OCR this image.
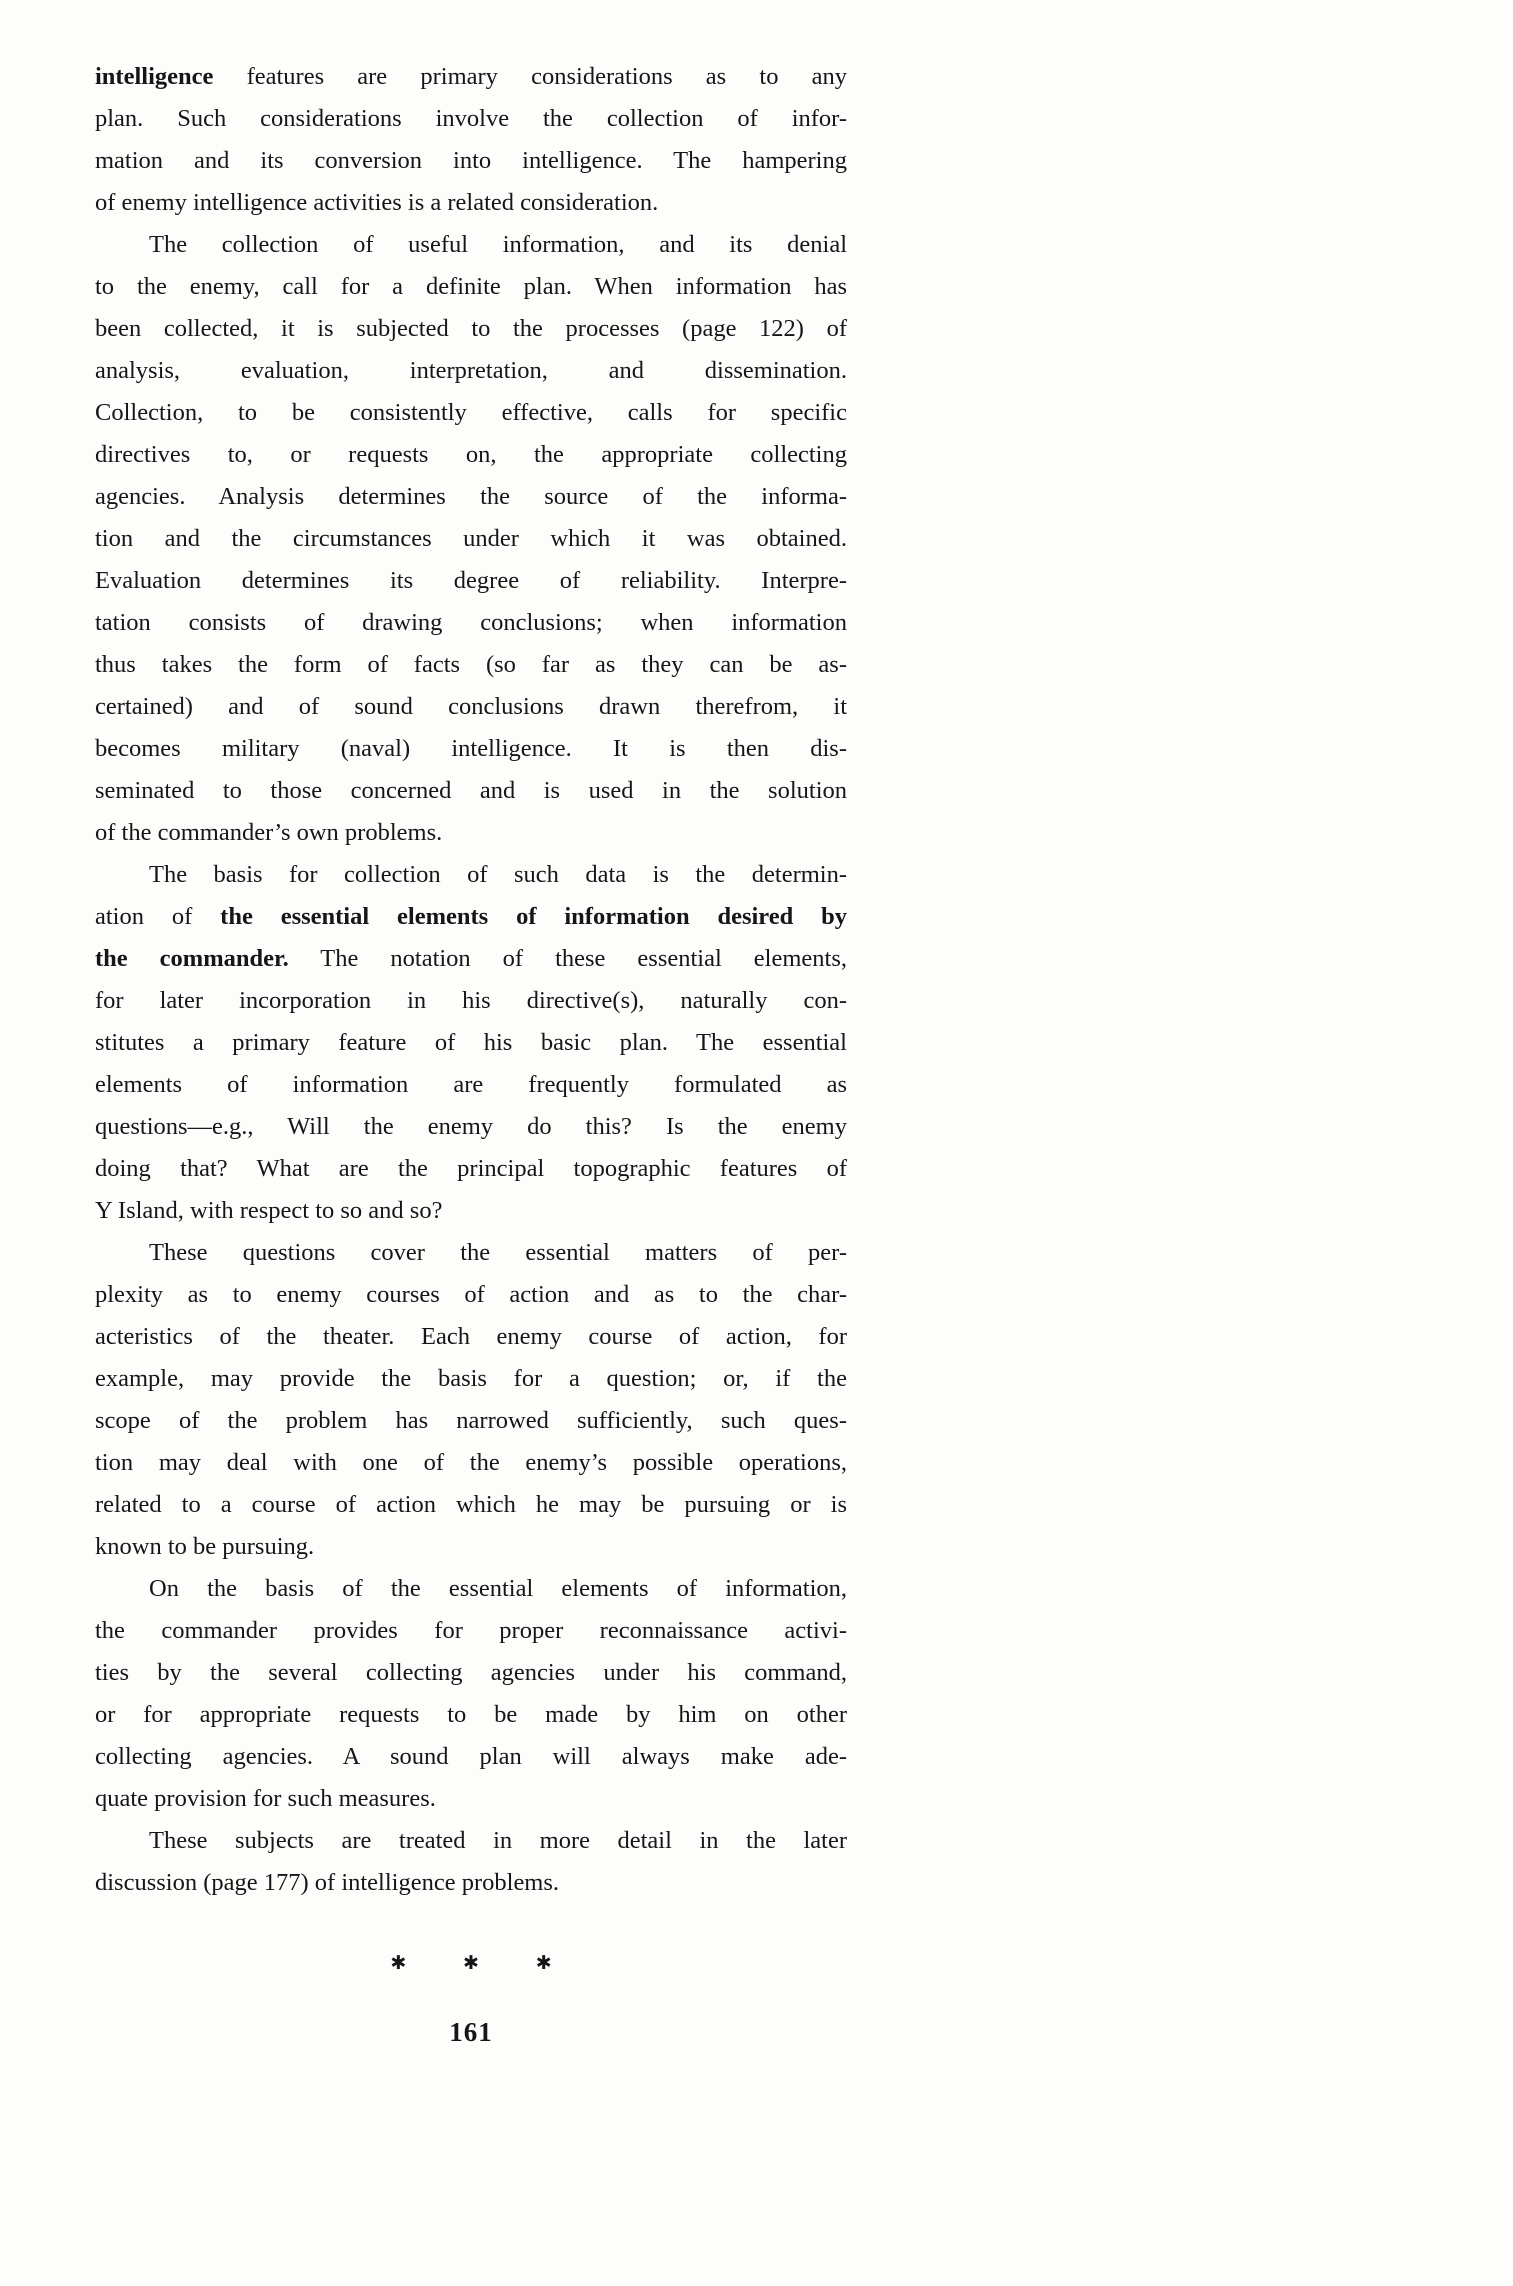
intelligence features are primary considerations as to any
plan. Such considerations involve the collection of infor-
mation and its conversion into intelligence. The hampering
of enemy intelligence activities is a related consideration.
The collection of useful information, and its denial
to the enemy, call for a definite plan. When information has
been collected, it is subjected to the processes (page 122) of
analysis, evaluation, interpretation, and dissemination.
Collection, to be consistently effective, calls for specific
directives to, or requests on, the appropriate collecting
agencies. Analysis determines the source of the informa-
tion and the circumstances under which it was obtained.
Evaluation determines its degree of reliability. Interpre-
tation consists of drawing conclusions; when information
thus takes the form of facts (so far as they can be as-
certained) and of sound conclusions drawn therefrom, it
becomes military (naval) intelligence. It is then dis-
seminated to those concerned and is used in the solution
of the commander’s own problems.
The basis for collection of such data is the determin-
ation of the essential elements of information desired by
the commander. The notation of these essential elements,
for later incorporation in his directive(s), naturally con-
stitutes a primary feature of his basic plan. The essential
elements of information are frequently formulated as
questions—e.g., Will the enemy do this? Is the enemy
doing that? What are the principal topographic features of
Y Island, with respect to so and so?
These questions cover the essential matters of per-
plexity as to enemy courses of action and as to the char-
acteristics of the theater. Each enemy course of action, for
example, may provide the basis for a question; or, if the
scope of the problem has narrowed sufficiently, such ques-
tion may deal with one of the enemy’s possible operations,
related to a course of action which he may be pursuing or is
known to be pursuing.
On the basis of the essential elements of information,
the commander provides for proper reconnaissance activi-
ties by the several collecting agencies under his command,
or for appropriate requests to be made by him on other
collecting agencies. A sound plan will always make ade-
quate provision for such measures.
These subjects are treated in more detail in the later
discussion (page 177) of intelligence problems.
✱	✱	✱
161
